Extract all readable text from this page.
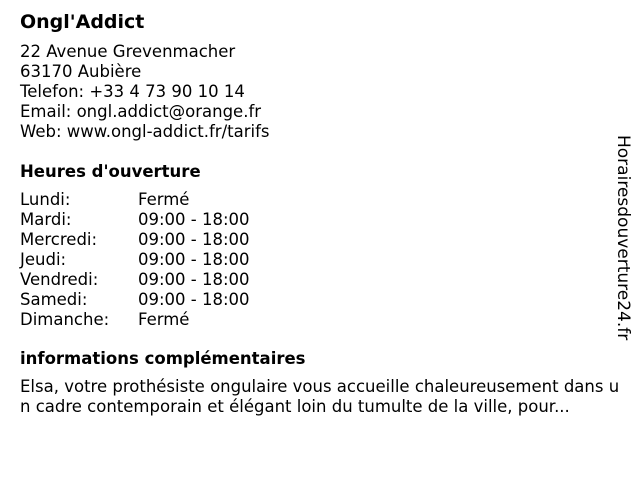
Ongl'Addict
22 Avenue Grevenmacher
63170 Aubière
Telefon: +33 4 73 90 10 14
Email: ongl.addict@orange.fr
Web: www.ongl-addict.fr/tarifs
Heures d'ouverture
Lundi:	Fermé
Mardi:	09:00 - 18:00
Mercredi:	09:00 - 18:00
Jeudi:	09:00 - 18:00
Vendredi:	09:00 - 18:00
Samedi:	09:00 - 18:00
Dimanche:	Fermé
informations complémentaires
Elsa, votre prothésiste ongulaire vous accueille chaleureusement dans un cadre contemporain et élégant loin du tumulte de la ville, pour...
Horairesdouverture24.fr
